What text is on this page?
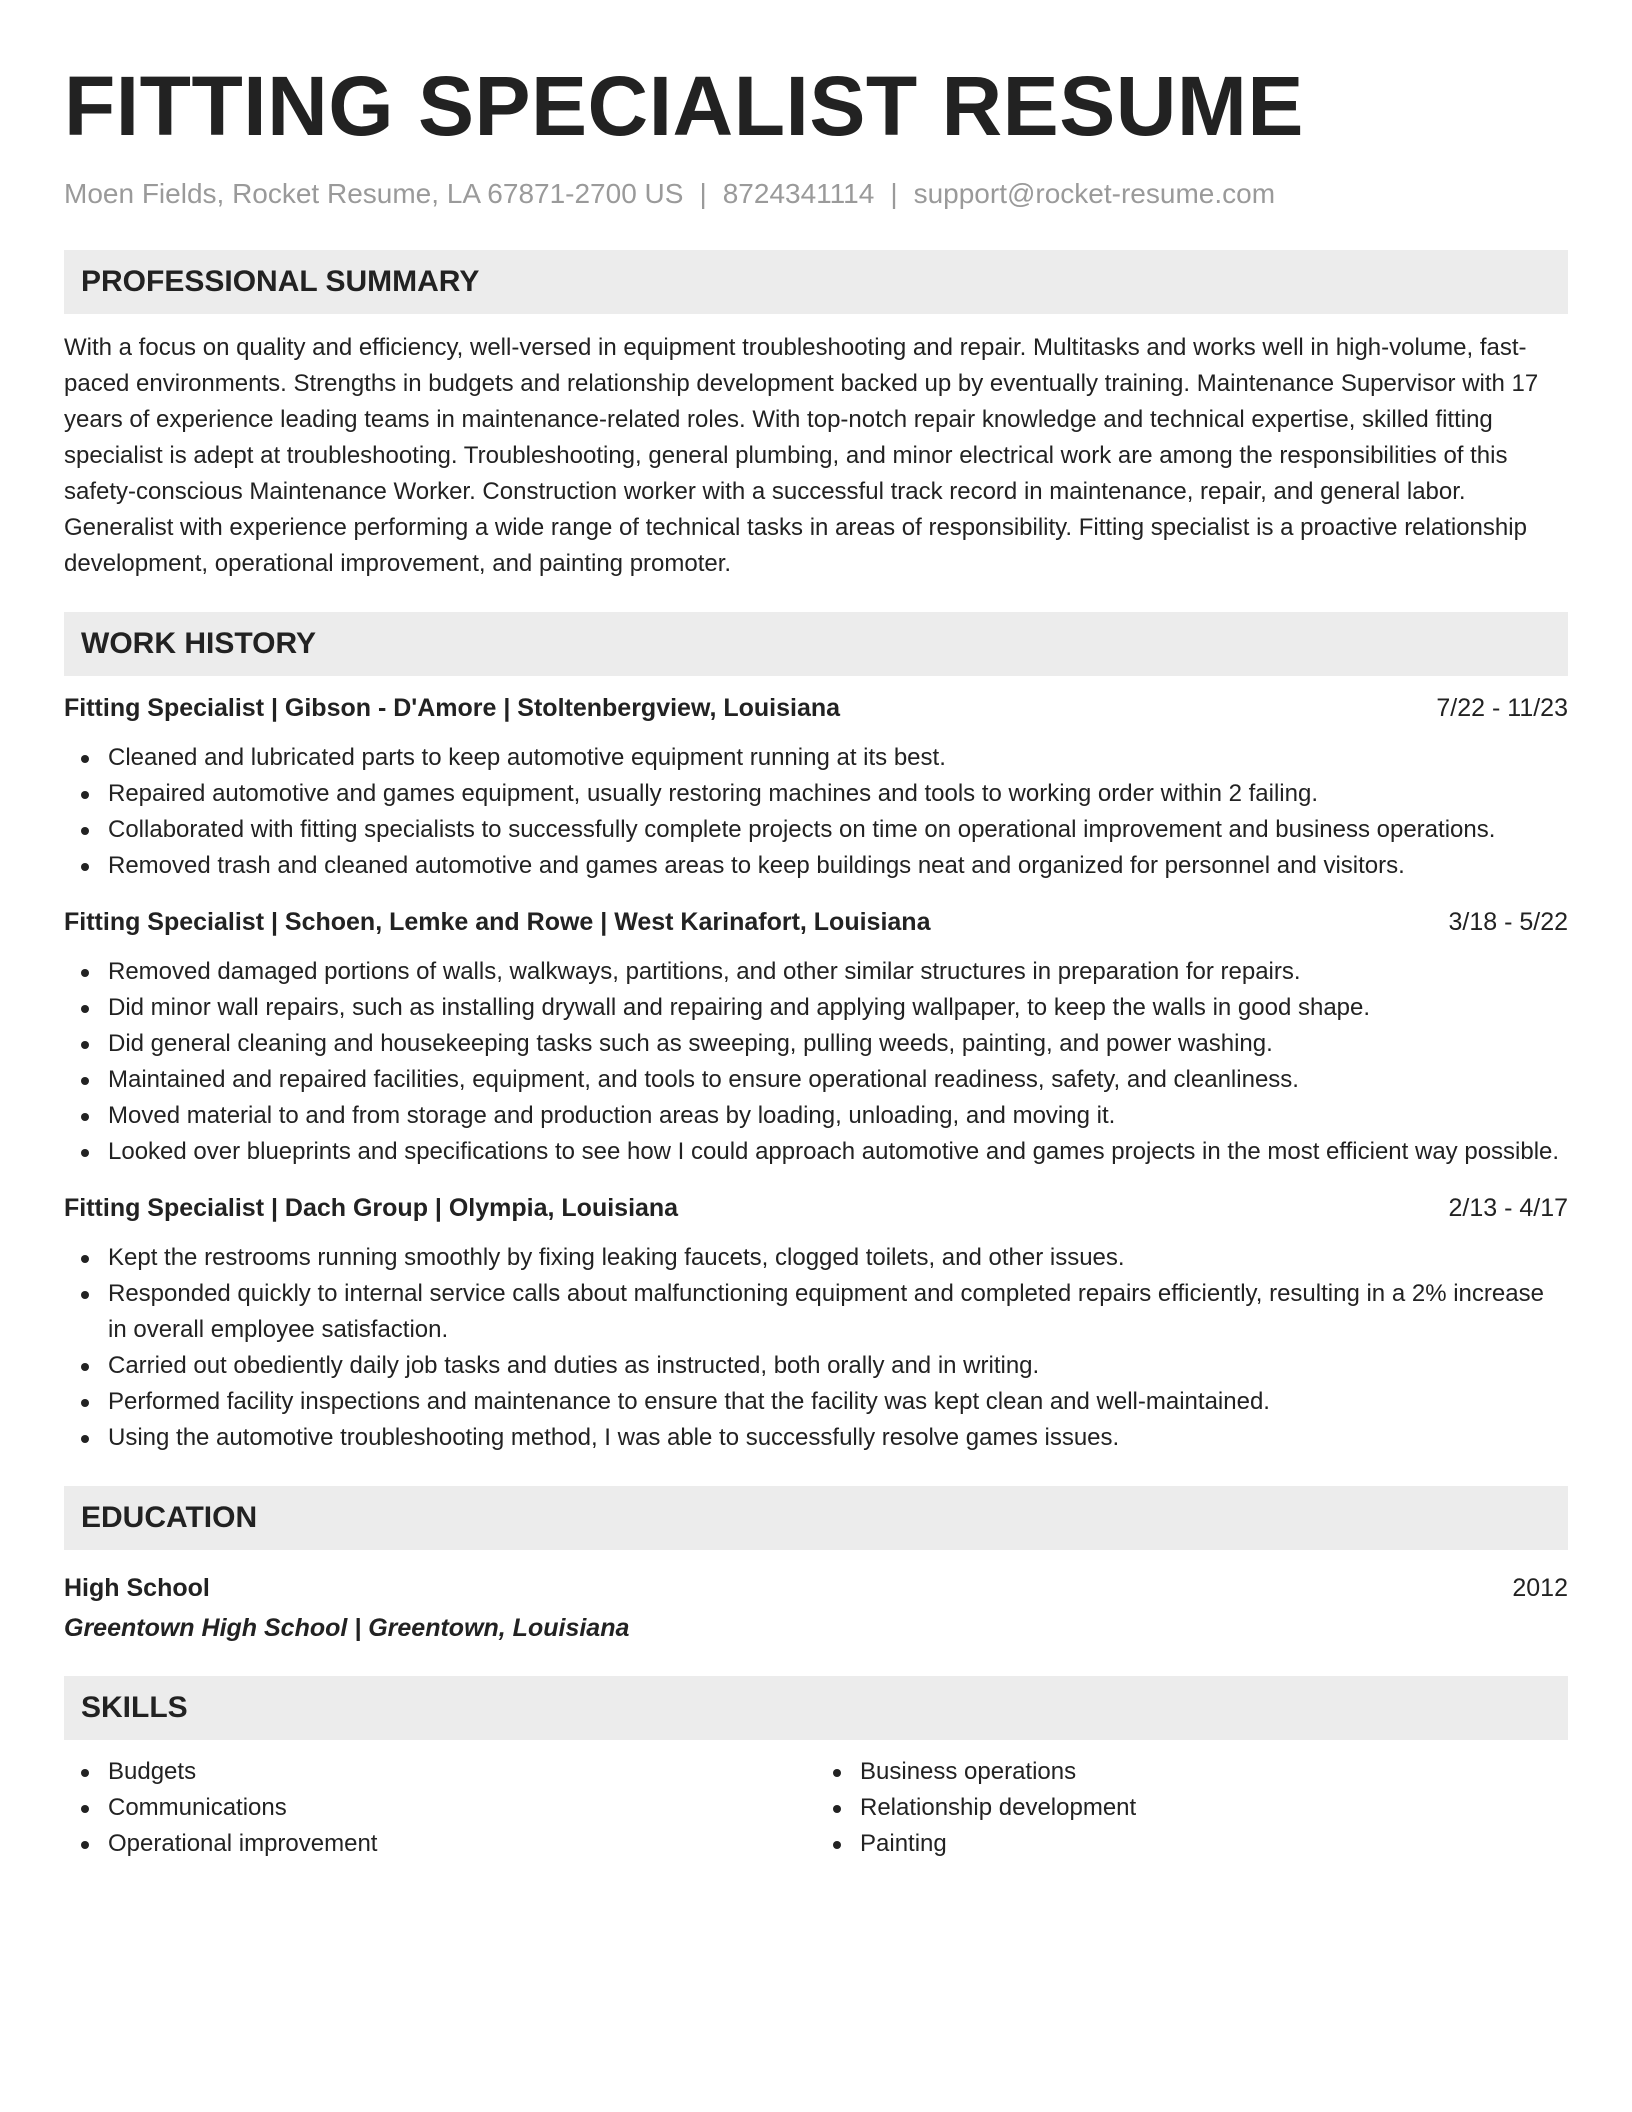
FITTING SPECIALIST RESUME
Moen Fields, Rocket Resume, LA 67871-2700 US | 8724341114 | support@rocket-resume.com
PROFESSIONAL SUMMARY

With a focus on quality and efficiency, well-versed in equipment troubleshooting and repair. Multitasks and works well in high-volume, fast-paced environments. Strengths in budgets and relationship development backed up by eventually training. Maintenance Supervisor with 17 years of experience leading teams in maintenance-related roles. With top-notch repair knowledge and technical expertise, skilled fitting specialist is adept at troubleshooting. Troubleshooting, general plumbing, and minor electrical work are among the responsibilities of this safety-conscious Maintenance Worker. Construction worker with a successful track record in maintenance, repair, and general labor. Generalist with experience performing a wide range of technical tasks in areas of responsibility. Fitting specialist is a proactive relationship development, operational improvement, and painting promoter.

WORK HISTORY
Fitting Specialist | Gibson - D'Amore | Stoltenbergview, Louisiana	7/22 - 11/23
Cleaned and lubricated parts to keep automotive equipment running at its best.
Repaired automotive and games equipment, usually restoring machines and tools to working order within 2 failing.
Collaborated with fitting specialists to successfully complete projects on time on operational improvement and business operations.
Removed trash and cleaned automotive and games areas to keep buildings neat and organized for personnel and visitors.
Fitting Specialist | Schoen, Lemke and Rowe | West Karinafort, Louisiana	3/18 - 5/22
Removed damaged portions of walls, walkways, partitions, and other similar structures in preparation for repairs.
Did minor wall repairs, such as installing drywall and repairing and applying wallpaper, to keep the walls in good shape.
Did general cleaning and housekeeping tasks such as sweeping, pulling weeds, painting, and power washing.
Maintained and repaired facilities, equipment, and tools to ensure operational readiness, safety, and cleanliness.
Moved material to and from storage and production areas by loading, unloading, and moving it.
Looked over blueprints and specifications to see how I could approach automotive and games projects in the most efficient way possible.
Fitting Specialist | Dach Group | Olympia, Louisiana	2/13 - 4/17
Kept the restrooms running smoothly by fixing leaking faucets, clogged toilets, and other issues.
Responded quickly to internal service calls about malfunctioning equipment and completed repairs efficiently, resulting in a 2% increase in overall employee satisfaction.
Carried out obediently daily job tasks and duties as instructed, both orally and in writing.
Performed facility inspections and maintenance to ensure that the facility was kept clean and well-maintained.
Using the automotive troubleshooting method, I was able to successfully resolve games issues.
EDUCATION
High School	2012
Greentown High School | Greentown, Louisiana
SKILLS
Budgets
Communications
Operational improvement
Business operations
Relationship development
Painting
